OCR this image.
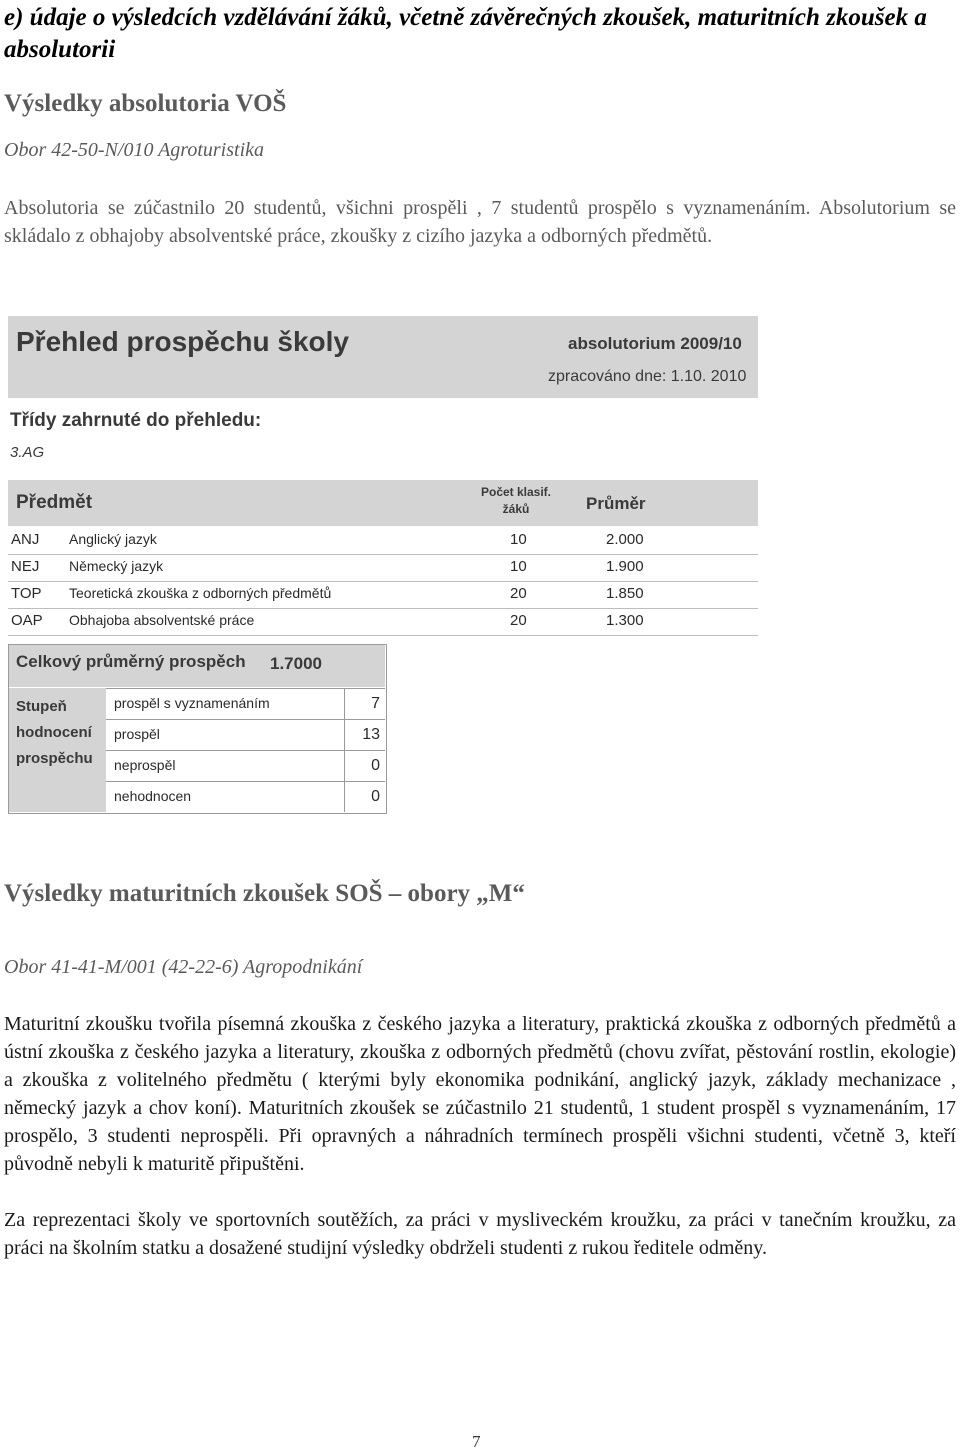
e) údaje o výsledcích vzdělávání žáků, včetně závěrečných zkoušek, maturitních zkoušek a absolutorii
Výsledky absolutoria VOŠ
Obor 42-50-N/010 Agroturistika
Absolutoria se zúčastnilo 20 studentů, všichni prospěli , 7 studentů prospělo s vyznamenáním. Absolutorium se skládalo z obhajoby absolventské práce, zkoušky z cizího jazyka a odborných předmětů.
Přehled prospěchu školy	absolutorium 2009/10
zpracováno dne: 1.10. 2010
Třídy zahrnuté do přehledu:
3.AG
Předmět	Počet klasif. žáků	Průměr
ANJ Anglický jazyk	10	2.000
NEJ Německý jazyk	10	1.900
TOP Teoretická zkouška z odborných předmětů	20	1.850
OAP Obhajoba absolventské práce	20	1.300
Celkový průměrný prospěch 1.7000
Stupeň hodnocení prospěchu
prospěl s vyznamenáním	7
prospěl	13
neprospěl	0
nehodnocen	0
Výsledky maturitních zkoušek SOŠ – obory „M“
Obor 41-41-M/001 (42-22-6) Agropodnikání
Maturitní zkoušku tvořila písemná zkouška z českého jazyka a literatury, praktická zkouška z odborných předmětů a ústní zkouška z českého jazyka a literatury, zkouška z odborných předmětů (chovu zvířat, pěstování rostlin, ekologie) a zkouška z volitelného předmětu ( kterými byly ekonomika podnikání, anglický jazyk, základy mechanizace , německý jazyk a chov koní). Maturitních zkoušek se zúčastnilo 21 studentů, 1 student prospěl s vyznamenáním, 17 prospělo, 3 studenti neprospěli. Při opravných a náhradních termínech prospěli všichni studenti, včetně 3, kteří původně nebyli k maturitě připuštěni.
Za reprezentaci školy ve sportovních soutěžích, za práci v mysliveckém kroužku, za práci v tanečním kroužku, za práci na školním statku a dosažené studijní výsledky obdrželi studenti z rukou ředitele odměny.
7
